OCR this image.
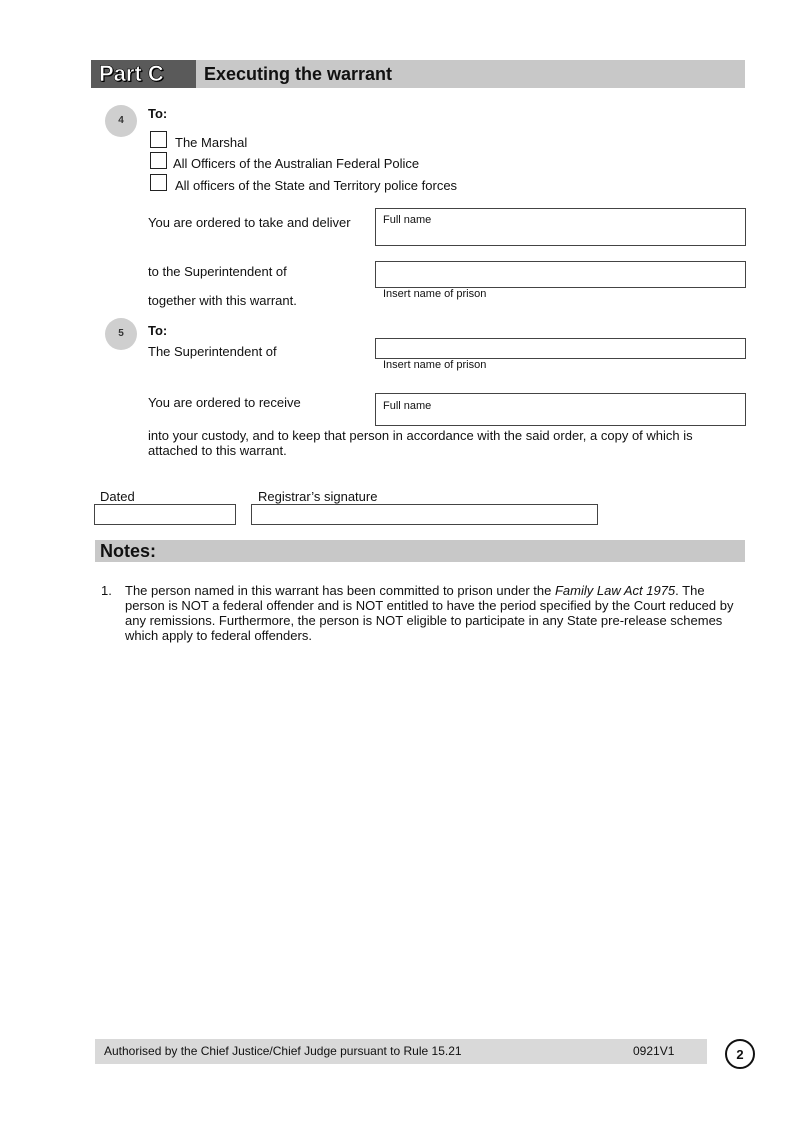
Part C	Executing the warrant
4	To:
The Marshal
All Officers of the Australian Federal Police
All officers of the State and Territory police forces
You are ordered to take and deliver	Full name
to the Superintendent of
Insert name of prison
together with this warrant.
5	To:
The Superintendent of
Insert name of prison
You are ordered to receive	Full name
into your custody, and to keep that person in accordance with the said order, a copy of which is attached to this warrant.
Dated	Registrar’s signature
Notes:
1. The person named in this warrant has been committed to prison under the Family Law Act 1975. The person is NOT a federal offender and is NOT entitled to have the period specified by the Court reduced by any remissions. Furthermore, the person is NOT eligible to participate in any State pre-release schemes which apply to federal offenders.
Authorised by the Chief Justice/Chief Judge pursuant to Rule 15.21	0921V1	2
